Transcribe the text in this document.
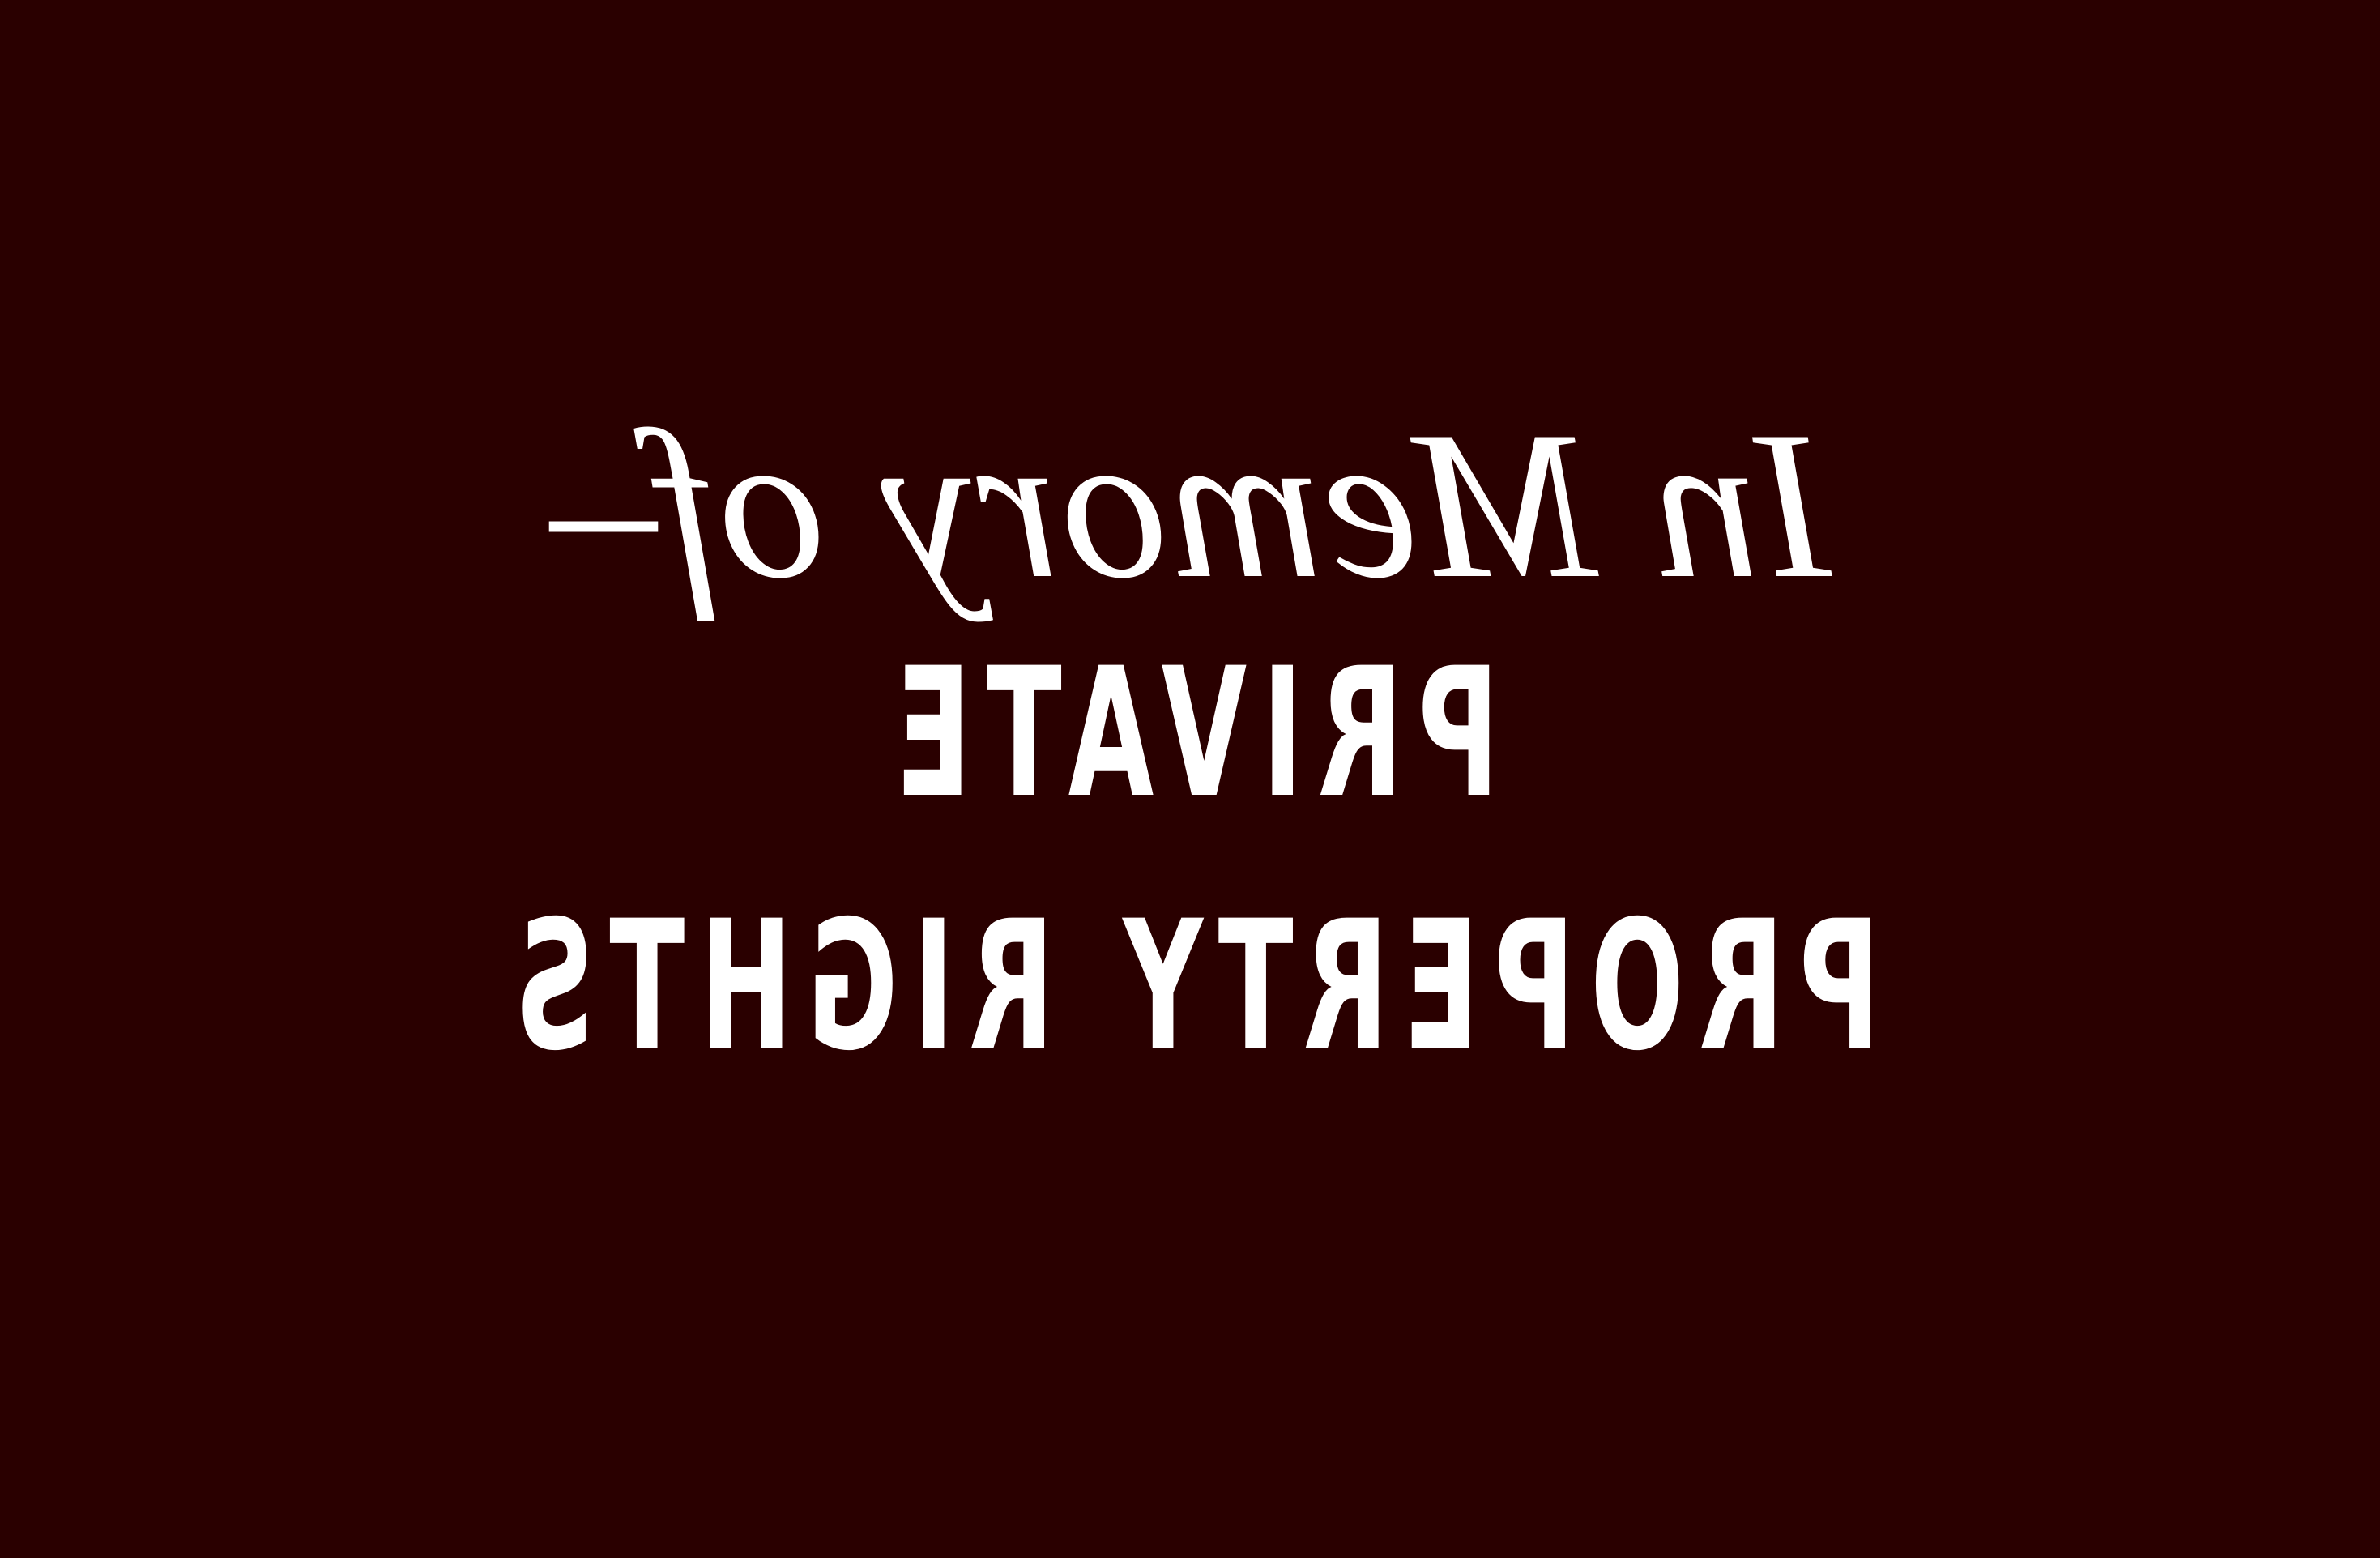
In Memory of–
PRIVATE
PROPERTY RIGHTS
